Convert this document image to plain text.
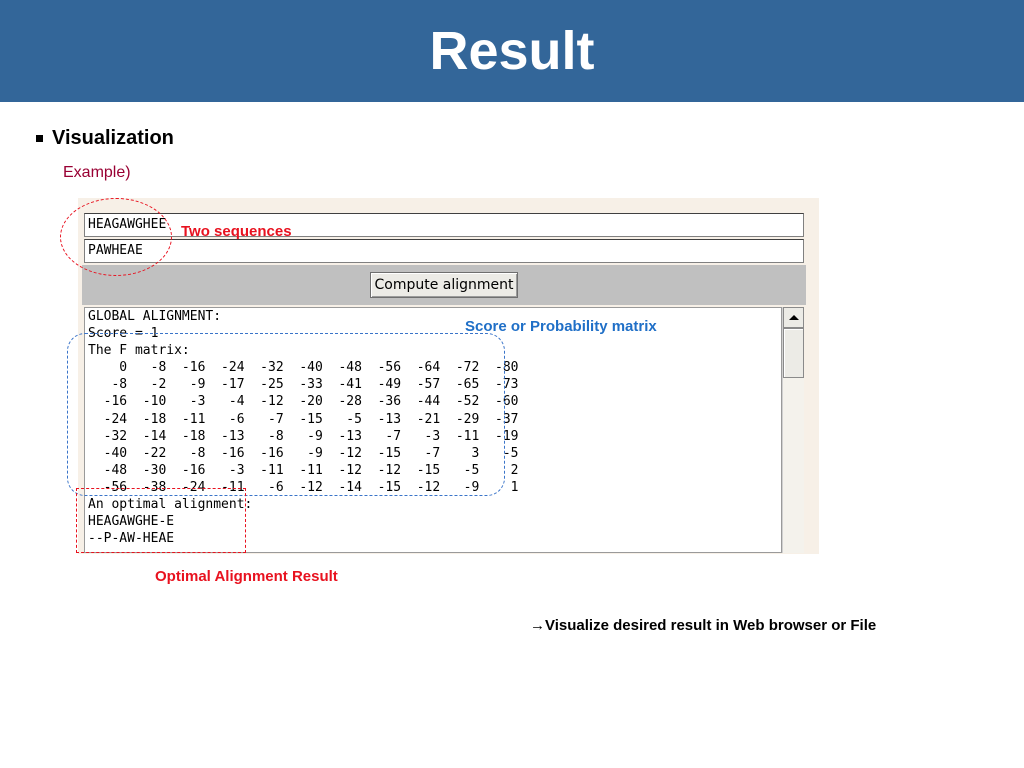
Result
Visualization
Example)
HEAGAWGHEE
PAWHEAE
Compute alignment
GLOBAL ALIGNMENT:
Score = 1
The F matrix:
0   -8  -16  -24  -32  -40  -48  -56  -64  -72  -80
-8   -2   -9  -17  -25  -33  -41  -49  -57  -65  -73
-16  -10   -3   -4  -12  -20  -28  -36  -44  -52  -60
-24  -18  -11   -6   -7  -15   -5  -13  -21  -29  -37
-32  -14  -18  -13   -8   -9  -13   -7   -3  -11  -19
-40  -22   -8  -16  -16   -9  -12  -15   -7    3   -5
-48  -30  -16   -3  -11  -11  -12  -12  -15   -5    2
-56  -38  -24  -11   -6  -12  -14  -15  -12   -9    1
An optimal alignment:
HEAGAWGHE-E
--P-AW-HEAE
Two sequences
Score or Probability matrix
Optimal Alignment Result
→Visualize desired result in Web browser or File
